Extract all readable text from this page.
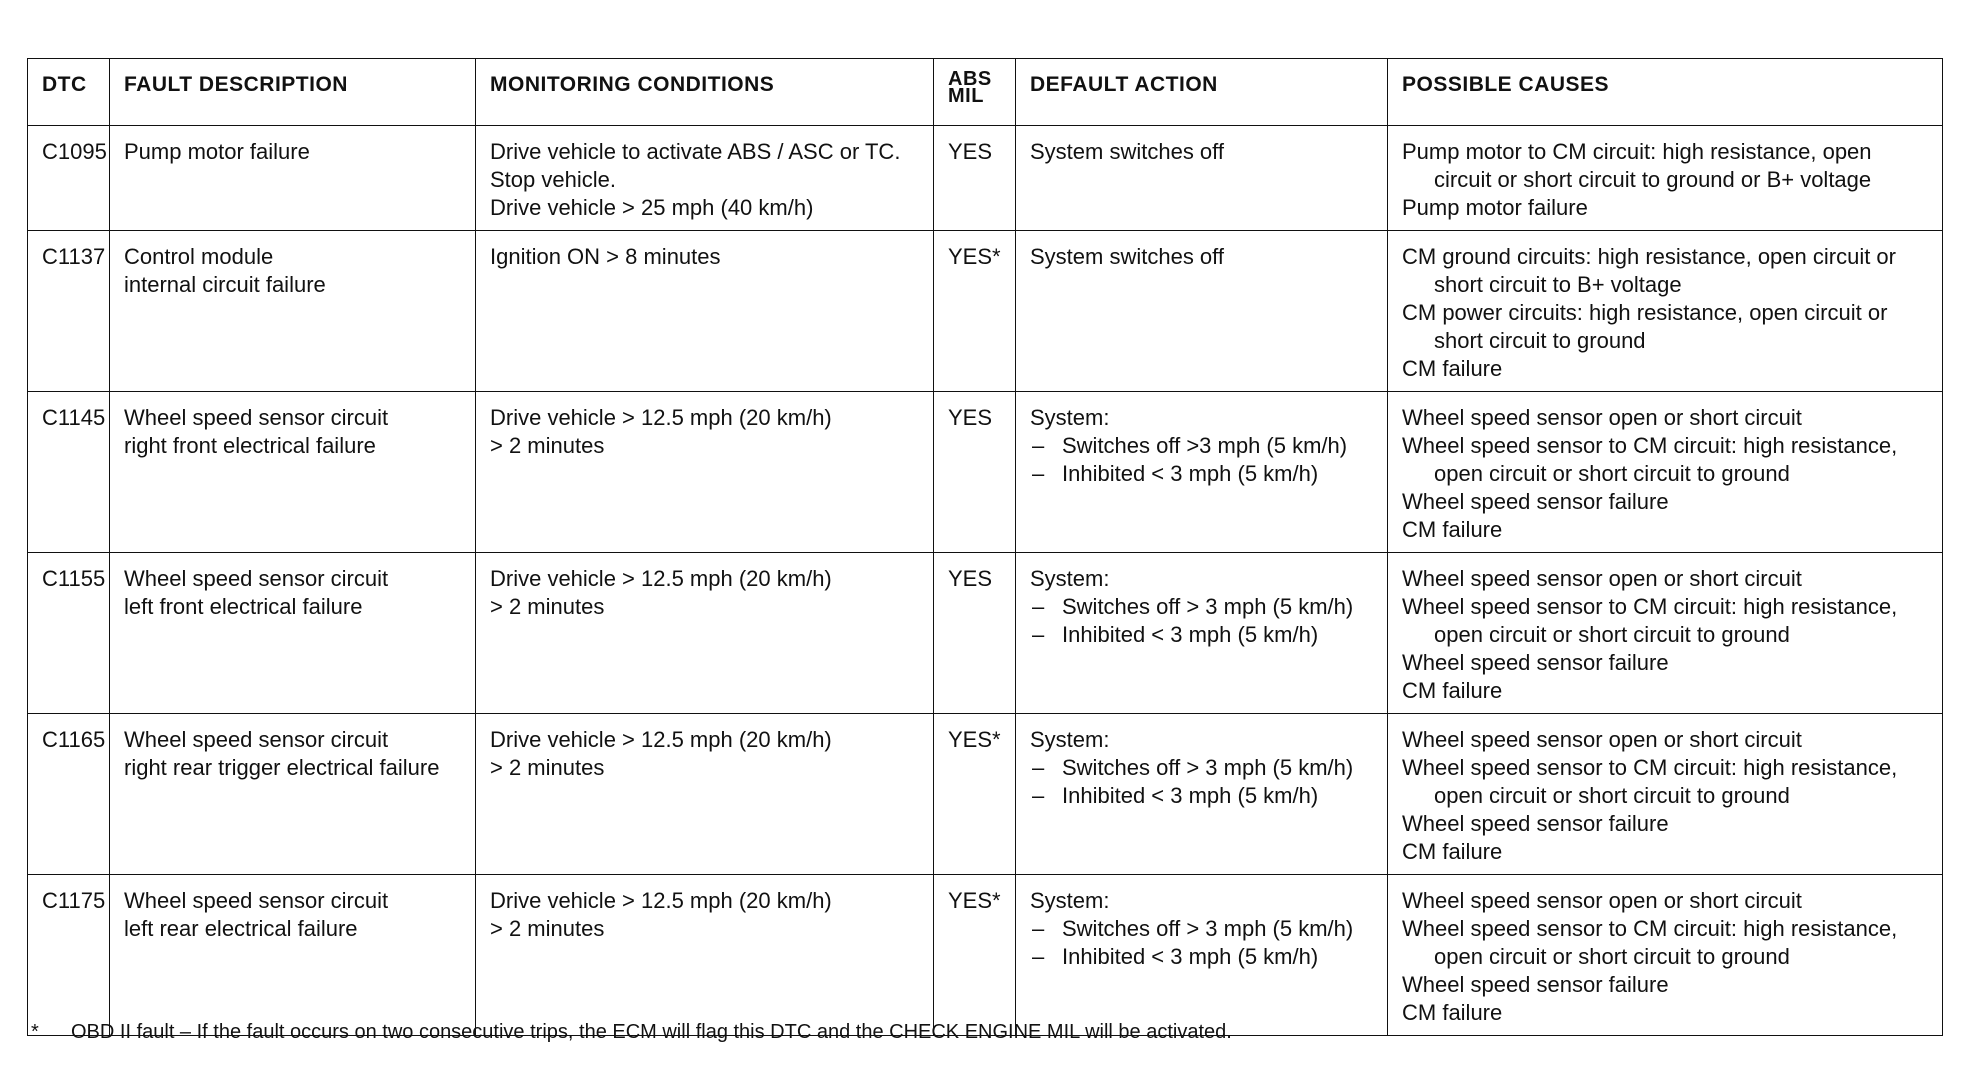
DTC	FAULT DESCRIPTION	MONITORING CONDITIONS	ABS
MIL	DEFAULT ACTION	POSSIBLE CAUSES
C1095	Pump motor failure	Drive vehicle to activate ABS / ASC or TC.
Stop vehicle.
Drive vehicle > 25 mph (40 km/h)	YES	System switches off	Pump motor to CM circuit: high resistance, open circuit or short circuit to ground or B+ voltage
Pump motor failure

C1137	Control module
internal circuit failure	Ignition ON > 8 minutes	YES*	System switches off	CM ground circuits: high resistance, open circuit or short circuit to B+ voltage
CM power circuits: high resistance, open circuit or short circuit to ground
CM failure

C1145	Wheel speed sensor circuit
right front electrical failure	Drive vehicle > 12.5 mph (20 km/h)
> 2 minutes	YES	System:
– Switches off >3 mph (5 km/h)
– Inhibited < 3 mph (5 km/h)	Wheel speed sensor open or short circuit
Wheel speed sensor to CM circuit: high resistance, open circuit or short circuit to ground
Wheel speed sensor failure
CM failure

C1155	Wheel speed sensor circuit
left front electrical failure	Drive vehicle > 12.5 mph (20 km/h)
> 2 minutes	YES	System:
– Switches off > 3 mph (5 km/h)
– Inhibited < 3 mph (5 km/h)	Wheel speed sensor open or short circuit
Wheel speed sensor to CM circuit: high resistance, open circuit or short circuit to ground
Wheel speed sensor failure
CM failure

C1165	Wheel speed sensor circuit
right rear trigger electrical failure	Drive vehicle > 12.5 mph (20 km/h)
> 2 minutes	YES*	System:
– Switches off > 3 mph (5 km/h)
– Inhibited < 3 mph (5 km/h)	Wheel speed sensor open or short circuit
Wheel speed sensor to CM circuit: high resistance, open circuit or short circuit to ground
Wheel speed sensor failure
CM failure

C1175	Wheel speed sensor circuit
left rear electrical failure	Drive vehicle > 12.5 mph (20 km/h)
> 2 minutes	YES*	System:
– Switches off > 3 mph (5 km/h)
– Inhibited < 3 mph (5 km/h)	Wheel speed sensor open or short circuit
Wheel speed sensor to CM circuit: high resistance, open circuit or short circuit to ground
Wheel speed sensor failure
CM failure
* OBD II fault – If the fault occurs on two consecutive trips, the ECM will flag this DTC and the CHECK ENGINE MIL will be activated.
